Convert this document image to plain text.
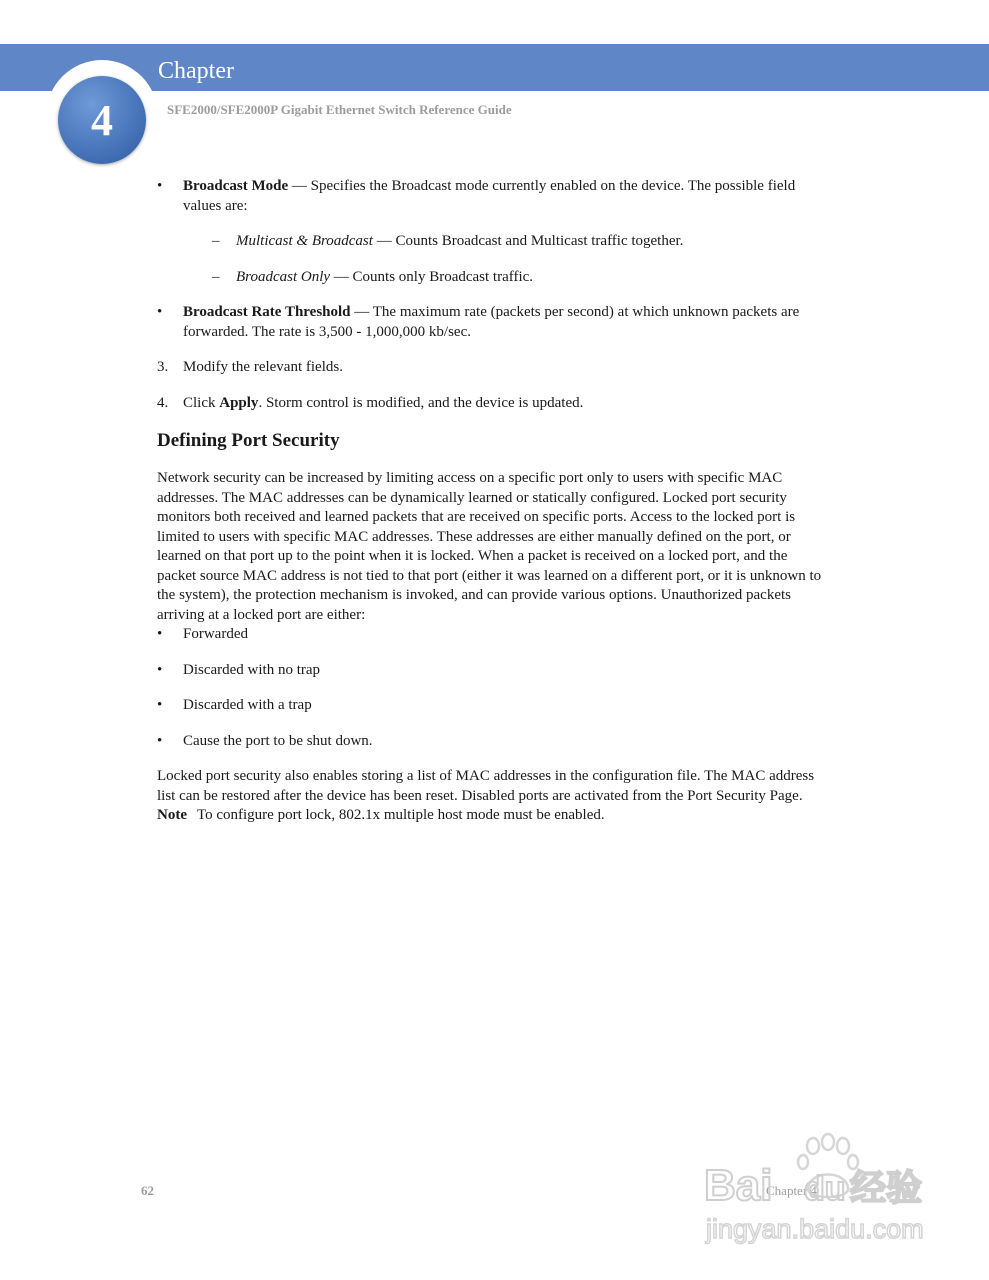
4
Chapter
SFE2000/SFE2000P Gigabit Ethernet Switch Reference Guide
• Broadcast Mode — Specifies the Broadcast mode currently enabled on the device. The possible field values are:

– Multicast & Broadcast — Counts Broadcast and Multicast traffic together.

– Broadcast Only — Counts only Broadcast traffic.

• Broadcast Rate Threshold — The maximum rate (packets per second) at which unknown packets are forwarded. The rate is 3,500 - 1,000,000 kb/sec.

3. Modify the relevant fields.

4. Click Apply. Storm control is modified, and the device is updated.

Defining Port Security

Network security can be increased by limiting access on a specific port only to users with specific MAC addresses. The MAC addresses can be dynamically learned or statically configured. Locked port security monitors both received and learned packets that are received on specific ports. Access to the locked port is limited to users with specific MAC addresses. These addresses are either manually defined on the port, or learned on that port up to the point when it is locked. When a packet is received on a locked port, and the packet source MAC address is not tied to that port (either it was learned on a different port, or it is unknown to the system), the protection mechanism is invoked, and can provide various options. Unauthorized packets arriving at a locked port are either:

• Forwarded

• Discarded with no trap

• Discarded with a trap

• Cause the port to be shut down.

Locked port security also enables storing a list of MAC addresses in the configuration file. The MAC address list can be restored after the device has been reset. Disabled ports are activated from the Port Security Page.

Note To configure port lock, 802.1x multiple host mode must be enabled.

62	Chapter 4
Bai du 经验
jingyan.baidu.com
